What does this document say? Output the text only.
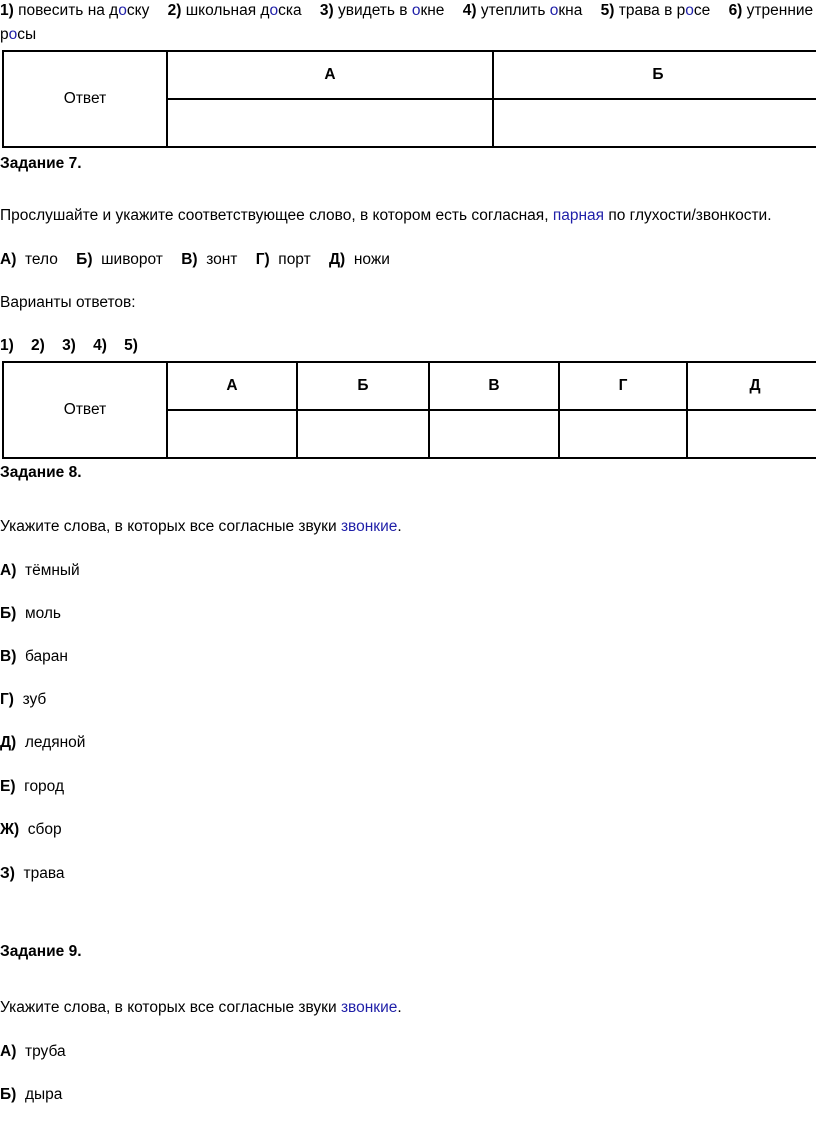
1) повесить на доску 2) школьная доска 3) увидеть в окне 4) утеплить окна 5) трава в росе 6) утренние
росы
Ответ	А	Б

Задание 7.
Прослушайте и укажите соответствующее слово, в котором есть согласная, парная по глухости/звонкости.
А) тело Б) шиворот В) зонт Г) порт Д) ножи
Варианты ответов:
1) 2) 3) 4) 5)
Ответ	А	Б	В	Г	Д

Задание 8.
Укажите слова, в которых все согласные звуки звонкие.
А) тёмный
Б) моль
В) баран
Г) зуб
Д) ледяной
Е) город
Ж) сбор
З) трава
Задание 9.
Укажите слова, в которых все согласные звуки звонкие.
А) труба
Б) дыра
